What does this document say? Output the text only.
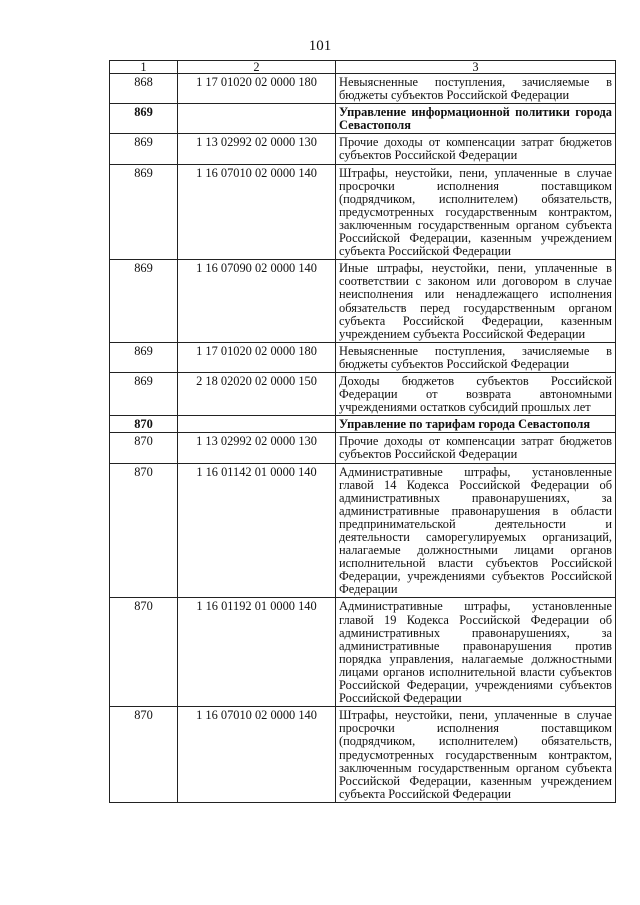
101
1	2	3
868	1 17 01020 02 0000 180	Невыясненные поступления, зачисляемые в бюджеты субъектов Российской Федерации
869		Управление информационной политики города Севастополя
869	1 13 02992 02 0000 130	Прочие доходы от компенсации затрат бюджетов субъектов Российской Федерации
869	1 16 07010 02 0000 140	Штрафы, неустойки, пени, уплаченные в случае просрочки исполнения поставщиком (подрядчиком, исполнителем) обязательств, предусмотренных государственным контрактом, заключенным государственным органом субъекта Российской Федерации, казенным учреждением субъекта Российской Федерации
869	1 16 07090 02 0000 140	Иные штрафы, неустойки, пени, уплаченные в соответствии с законом или договором в случае неисполнения или ненадлежащего исполнения обязательств перед государственным органом субъекта Российской Федерации, казенным учреждением субъекта Российской Федерации
869	1 17 01020 02 0000 180	Невыясненные поступления, зачисляемые в бюджеты субъектов Российской Федерации
869	2 18 02020 02 0000 150	Доходы бюджетов субъектов Российской Федерации от возврата автономными учреждениями остатков субсидий прошлых лет
870		Управление по тарифам города Севастополя
870	1 13 02992 02 0000 130	Прочие доходы от компенсации затрат бюджетов субъектов Российской Федерации
870	1 16 01142 01 0000 140	Административные штрафы, установленные главой 14 Кодекса Российской Федерации об административных правонарушениях, за административные правонарушения в области предпринимательской деятельности и деятельности саморегулируемых организаций, налагаемые должностными лицами органов исполнительной власти субъектов Российской Федерации, учреждениями субъектов Российской Федерации
870	1 16 01192 01 0000 140	Административные штрафы, установленные главой 19 Кодекса Российской Федерации об административных правонарушениях, за административные правонарушения против порядка управления, налагаемые должностными лицами органов исполнительной власти субъектов Российской Федерации, учреждениями субъектов Российской Федерации
870	1 16 07010 02 0000 140	Штрафы, неустойки, пени, уплаченные в случае просрочки исполнения поставщиком (подрядчиком, исполнителем) обязательств, предусмотренных государственным контрактом, заключенным государственным органом субъекта Российской Федерации, казенным учреждением субъекта Российской Федерации
